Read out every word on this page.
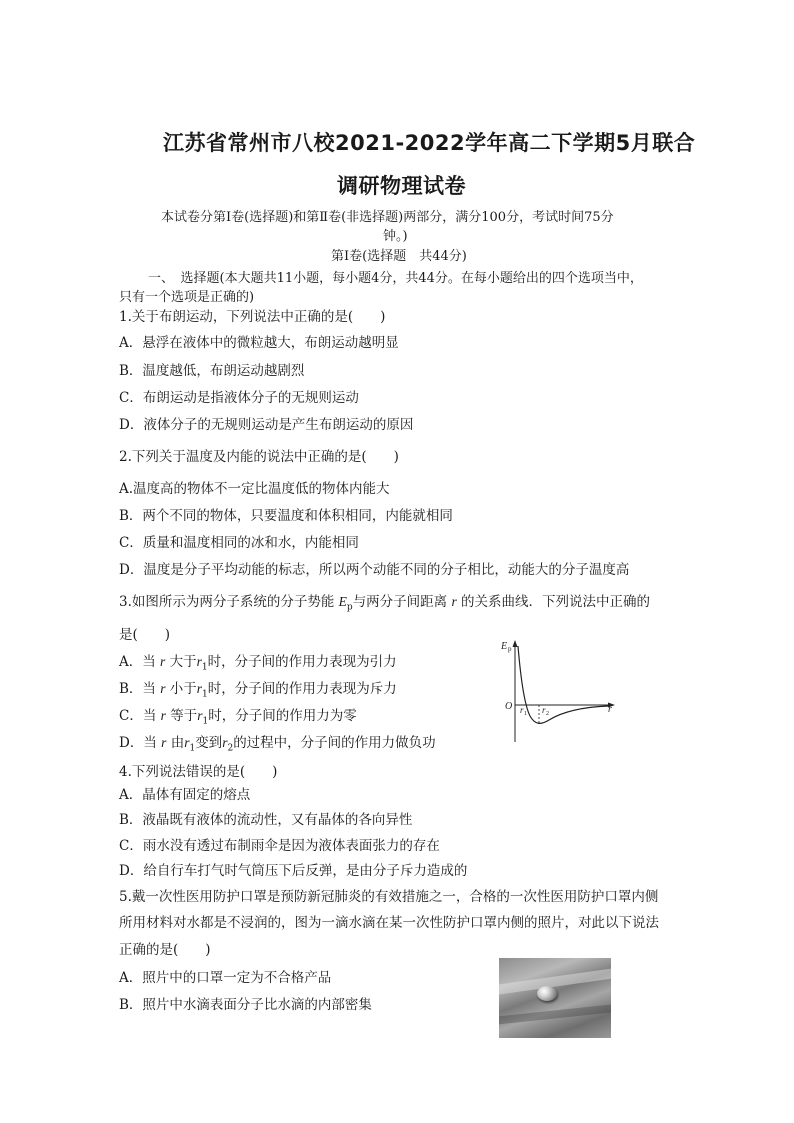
江苏省常州市八校2021-2022学年高二下学期5月联合
调研物理试卷
本试卷分第Ⅰ卷(选择题)和第Ⅱ卷(非选择题)两部分，满分100分，考试时间75分
钟。)
第Ⅰ卷(选择题　共44分)
一、　选择题(本大题共11小题，每小题4分，共44分。在每小题给出的四个选项当中，
只有一个选项是正确的)
1.关于布朗运动，下列说法中正确的是(　　)
A．悬浮在液体中的微粒越大，布朗运动越明显
B．温度越低，布朗运动越剧烈
C．布朗运动是指液体分子的无规则运动
D．液体分子的无规则运动是产生布朗运动的原因
2.下列关于温度及内能的说法中正确的是(　　)
A.温度高的物体不一定比温度低的物体内能大
B．两个不同的物体，只要温度和体积相同，内能就相同
C．质量和温度相同的冰和水，内能相同
D．温度是分子平均动能的标志，所以两个动能不同的分子相比，动能大的分子温度高
3.如图所示为两分子系统的分子势能 $E_p$与两分子间距离 r 的关系曲线．下列说法中正确的
是(　　)
A．当 r 大于$r_1$时，分子间的作用力表现为引力
B．当 r 小于$r_1$时，分子间的作用力表现为斥力
C．当 r 等于$r_1$时，分子间的作用力为零
D．当 r 由$r_1$变到$r_2$的过程中，分子间的作用力做负功
E p
O r 1 r 2	r
4.下列说法错误的是(　　)
A．晶体有固定的熔点
B．液晶既有液体的流动性，又有晶体的各向异性
C．雨水没有透过布制雨伞是因为液体表面张力的存在
D．给自行车打气时气筒压下后反弹，是由分子斥力造成的
5.戴一次性医用防护口罩是预防新冠肺炎的有效措施之一，合格的一次性医用防护口罩内侧
所用材料对水都是不浸润的，图为一滴水滴在某一次性防护口罩内侧的照片，对此以下说法
正确的是(　　)
A．照片中的口罩一定为不合格产品
B．照片中水滴表面分子比水滴的内部密集
